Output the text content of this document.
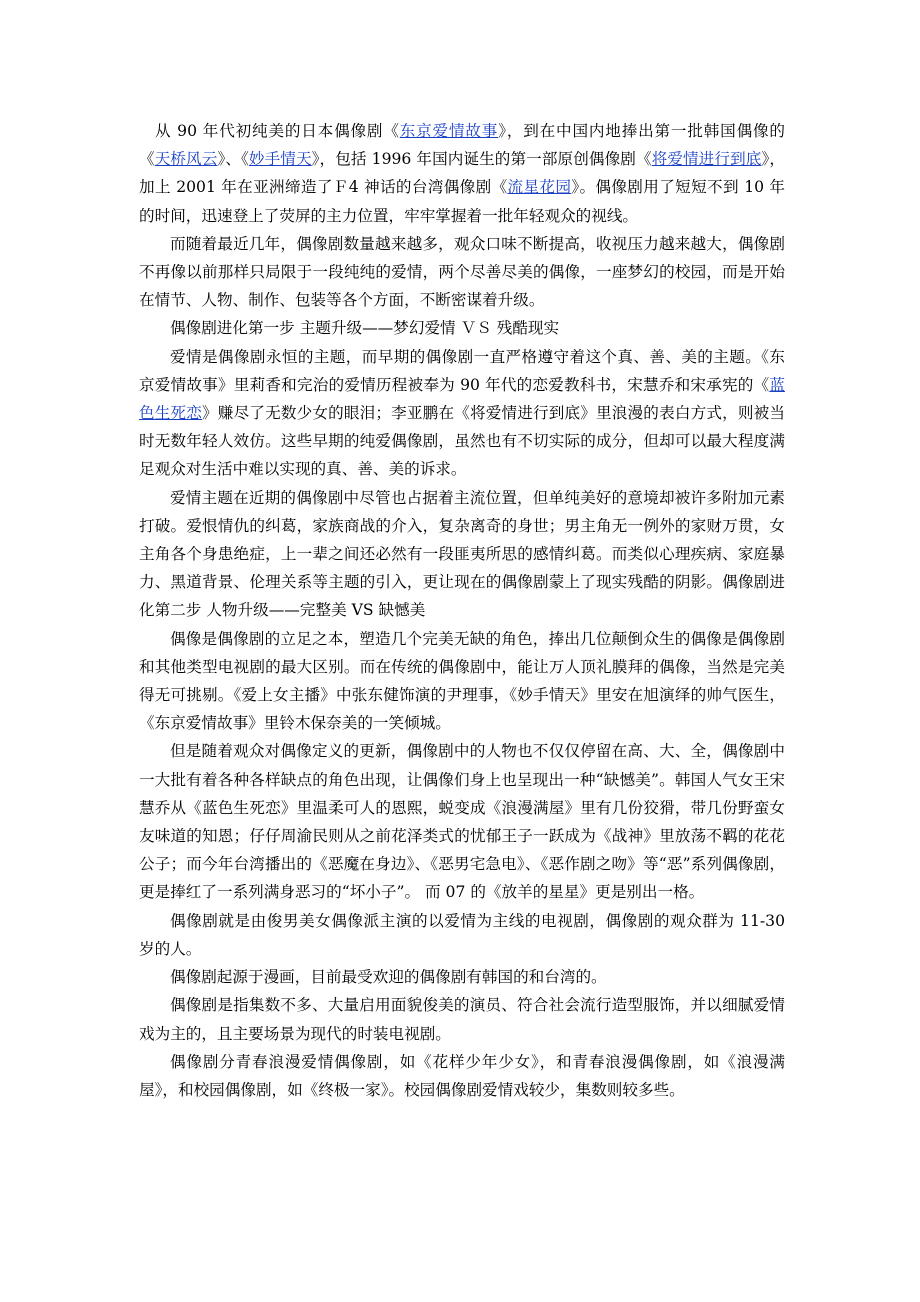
从 90 年代初纯美的日本偶像剧《东京爱情故事》，到在中国内地捧出第一批韩国偶像的《天桥风云》、《妙手情天》，包括 1996 年国内诞生的第一部原创偶像剧《将爱情进行到底》，加上 2001 年在亚洲缔造了Ｆ4 神话的台湾偶像剧《流星花园》。偶像剧用了短短不到 10 年的时间，迅速登上了荧屏的主力位置，牢牢掌握着一批年轻观众的视线。

而随着最近几年，偶像剧数量越来越多，观众口味不断提高，收视压力越来越大，偶像剧不再像以前那样只局限于一段纯纯的爱情，两个尽善尽美的偶像，一座梦幻的校园，而是开始在情节、人物、制作、包装等各个方面，不断密谋着升级。

偶像剧进化第一步 主题升级——梦幻爱情 ＶＳ 残酷现实

爱情是偶像剧永恒的主题，而早期的偶像剧一直严格遵守着这个真、善、美的主题。《东京爱情故事》里莉香和完治的爱情历程被奉为 90 年代的恋爱教科书，宋慧乔和宋承宪的《蓝色生死恋》赚尽了无数少女的眼泪；李亚鹏在《将爱情进行到底》里浪漫的表白方式，则被当时无数年轻人效仿。这些早期的纯爱偶像剧，虽然也有不切实际的成分，但却可以最大程度满足观众对生活中难以实现的真、善、美的诉求。

爱情主题在近期的偶像剧中尽管也占据着主流位置，但单纯美好的意境却被许多附加元素打破。爱恨情仇的纠葛，家族商战的介入，复杂离奇的身世；男主角无一例外的家财万贯，女主角各个身患绝症，上一辈之间还必然有一段匪夷所思的感情纠葛。而类似心理疾病、家庭暴力、黑道背景、伦理关系等主题的引入，更让现在的偶像剧蒙上了现实残酷的阴影。偶像剧进化第二步 人物升级——完整美 VS 缺憾美

偶像是偶像剧的立足之本，塑造几个完美无缺的角色，捧出几位颠倒众生的偶像是偶像剧和其他类型电视剧的最大区别。而在传统的偶像剧中，能让万人顶礼膜拜的偶像，当然是完美得无可挑剔。《爱上女主播》中张东健饰演的尹理事，《妙手情天》里安在旭演绎的帅气医生，《东京爱情故事》里铃木保奈美的一笑倾城。

但是随着观众对偶像定义的更新，偶像剧中的人物也不仅仅停留在高、大、全，偶像剧中一大批有着各种各样缺点的角色出现，让偶像们身上也呈现出一种“缺憾美”。韩国人气女王宋慧乔从《蓝色生死恋》里温柔可人的恩熙，蜕变成《浪漫满屋》里有几份狡猾，带几份野蛮女友味道的知恩；仔仔周渝民则从之前花泽类式的忧郁王子一跃成为《战神》里放荡不羁的花花公子；而今年台湾播出的《恶魔在身边》、《恶男宅急电》、《恶作剧之吻》等“恶”系列偶像剧，更是捧红了一系列满身恶习的“坏小子”。 而 07 的《放羊的星星》更是别出一格。

偶像剧就是由俊男美女偶像派主演的以爱情为主线的电视剧，偶像剧的观众群为 11-30 岁的人。

偶像剧起源于漫画，目前最受欢迎的偶像剧有韩国的和台湾的。

偶像剧是指集数不多、大量启用面貌俊美的演员、符合社会流行造型服饰，并以细腻爱情戏为主的，且主要场景为现代的时装电视剧。

偶像剧分青春浪漫爱情偶像剧，如《花样少年少女》，和青春浪漫偶像剧，如《浪漫满屋》，和校园偶像剧，如《终极一家》。校园偶像剧爱情戏较少，集数则较多些。
